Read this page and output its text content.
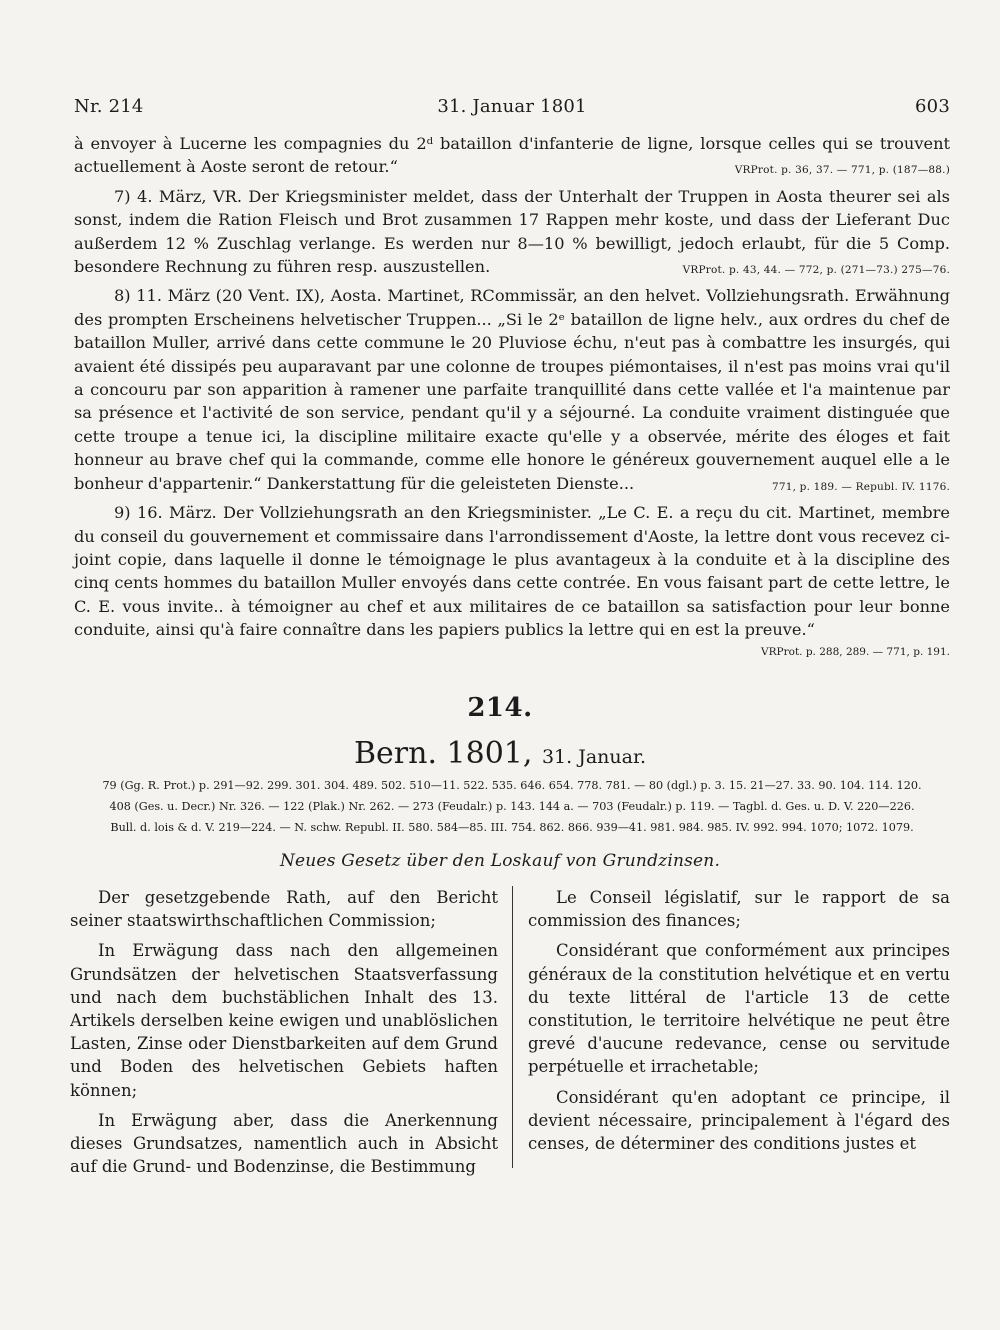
Nr. 214	31. Januar 1801	603

à envoyer à Lucerne les compagnies du 2ᵈ bataillon d'infanterie de ligne, lorsque celles qui se trouvent actuellement à Aoste seront de retour.“	VRProt. p. 36, 37. — 771, p. (187—88.)

7) 4. März, VR. Der Kriegsminister meldet, dass der Unterhalt der Truppen in Aosta theurer sei als sonst, indem die Ration Fleisch und Brot zusammen 17 Rappen mehr koste, und dass der Lieferant Duc außerdem 12 % Zuschlag verlange. Es werden nur 8—10 % bewilligt, jedoch erlaubt, für die 5 Comp. besondere Rechnung zu führen resp. auszustellen.	VRProt. p. 43, 44. — 772, p. (271—73.) 275—76.

8) 11. März (20 Vent. IX), Aosta. Martinet, RCommissär, an den helvet. Vollziehungsrath. Erwähnung des prompten Erscheinens helvetischer Truppen... „Si le 2ᵉ bataillon de ligne helv., aux ordres du chef de bataillon Muller, arrivé dans cette commune le 20 Pluviose échu, n'eut pas à combattre les insurgés, qui avaient été dissipés peu auparavant par une colonne de troupes piémontaises, il n'est pas moins vrai qu'il a concouru par son apparition à ramener une parfaite tranquillité dans cette vallée et l'a maintenue par sa présence et l'activité de son service, pendant qu'il y a séjourné. La conduite vraiment distinguée que cette troupe a tenue ici, la discipline militaire exacte qu'elle y a observée, mérite des éloges et fait honneur au brave chef qui la commande, comme elle honore le généreux gouvernement auquel elle a le bonheur d'appartenir.“ Dankerstattung für die geleisteten Dienste...	771, p. 189. — Republ. IV. 1176.

9) 16. März. Der Vollziehungsrath an den Kriegsminister. „Le C. E. a reçu du cit. Martinet, membre du conseil du gouvernement et commissaire dans l'arrondissement d'Aoste, la lettre dont vous recevez ci-joint copie, dans laquelle il donne le témoignage le plus avantageux à la conduite et à la discipline des cinq cents hommes du bataillon Muller envoyés dans cette contrée. En vous faisant part de cette lettre, le C. E. vous invite.. à témoigner au chef et aux militaires de ce bataillon sa satisfaction pour leur bonne conduite, ainsi qu'à faire connaître dans les papiers publics la lettre qui en est la preuve.“

VRProt. p. 288, 289. — 771, p. 191.
214.
Bern. 1801, 31. Januar.
79 (Gg. R. Prot.) p. 291—92. 299. 301. 304. 489. 502. 510—11. 522. 535. 646. 654. 778. 781. — 80 (dgl.) p. 3. 15. 21—27. 33. 90. 104. 114. 120.
408 (Ges. u. Decr.) Nr. 326. — 122 (Plak.) Nr. 262. — 273 (Feudalr.) p. 143. 144 a. — 703 (Feudalr.) p. 119. — Tagbl. d. Ges. u. D. V. 220—226.
Bull. d. lois & d. V. 219—224. — N. schw. Republ. II. 580. 584—85. III. 754. 862. 866. 939—41. 981. 984. 985. IV. 992. 994. 1070; 1072. 1079.
Neues Gesetz über den Loskauf von Grundzinsen.

Der gesetzgebende Rath, auf den Bericht seiner staatswirthschaftlichen Commission;

In Erwägung dass nach den allgemeinen Grundsätzen der helvetischen Staatsverfassung und nach dem buchstäblichen Inhalt des 13. Artikels derselben keine ewigen und unablöslichen Lasten, Zinse oder Dienstbarkeiten auf dem Grund und Boden des helvetischen Gebiets haften können;

In Erwägung aber, dass die Anerkennung dieses Grundsatzes, namentlich auch in Absicht auf die Grund- und Bodenzinse, die Bestimmung

Le Conseil législatif, sur le rapport de sa commission des finances;

Considérant que conformément aux principes généraux de la constitution helvétique et en vertu du texte littéral de l'article 13 de cette constitution, le territoire helvétique ne peut être grevé d'aucune redevance, cense ou servitude perpétuelle et irrachetable;

Considérant qu'en adoptant ce principe, il devient nécessaire, principalement à l'égard des censes, de déterminer des conditions justes et
